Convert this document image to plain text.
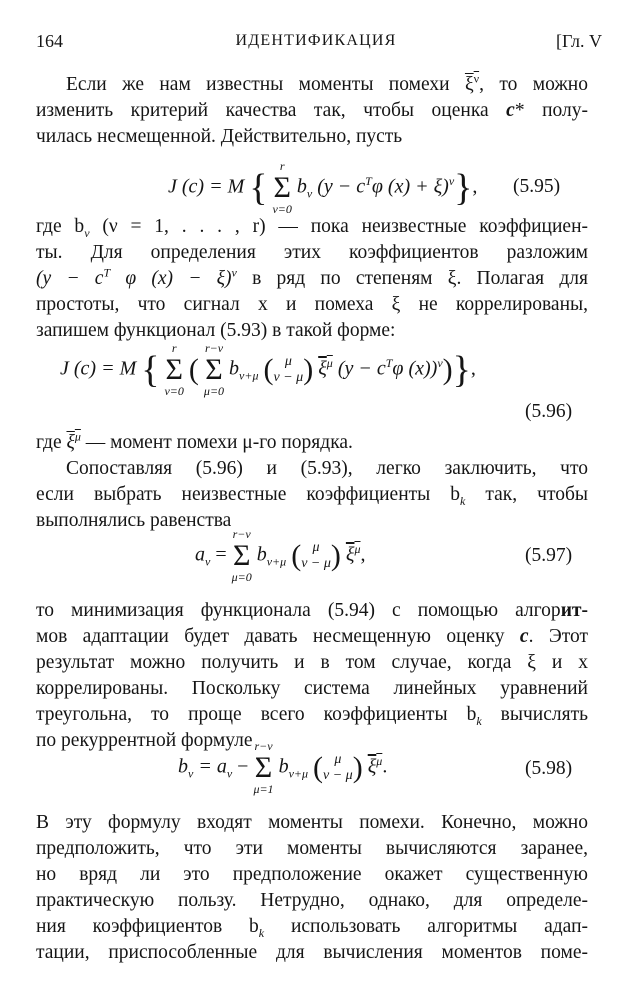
164	ИДЕНТИФИКАЦИЯ	[Гл. V
Если же нам известны моменты помехи $\overline{\xi}^{\overline{\nu}}$, то можно
изменить критерий качества так, чтобы оценка c* полу-
чилась несмещенной. Действительно, пусть
J (c) = M {
r
Σ
ν=0
$b_\nu$ ($y - c^T\varphi$ (x) + ξ)$^\nu$}, (5.95)
где $b_\nu$ (ν = 1, . . . , r) — пока неизвестные коэффициен-
ты. Для определения этих коэффициентов разложим
($y - c^T$ φ (x) − ξ)$^\nu$ в ряд по степеням ξ. Полагая для
простоты, что сигнал x и помеха ξ не коррелированы,
запишем функционал (5.93) в такой форме:
J (c) = M {
r
Σ
ν=0
(
r−ν
Σ
μ=0
$b_{\nu+\mu}$ ( μ
ν − μ ) $\overline{\xi}^{\overline{\mu}}$ ($y - c^T\varphi$ (x))$^\nu$)},
(5.96)
где $\overline{\xi}^{\overline{\mu}}$ — момент помехи μ-го порядка.
Сопоставляя (5.96) и (5.93), легко заключить, что
если выбрать неизвестные коэффициенты $b_k$ так, чтобы
выполнялись равенства
$a_\nu$ =
r−ν
Σ
μ=0
$b_{\nu+\mu}$ ( μ
ν − μ ) $\overline{\xi}^{\overline{\mu}}$,	(5.97)
то минимизация функционала (5.94) с помощью алгорит-
мов адаптации будет давать несмещенную оценку c. Этот
результат можно получить и в том случае, когда ξ и x
коррелированы. Поскольку система линейных уравнений
треугольна, то проще всего коэффициенты $b_k$ вычислять
по рекуррентной формуле
$b_\nu = a_\nu$ −
r−ν
Σ
μ=1
$b_{\nu+\mu}$ ( μ
ν − μ ) $\overline{\xi}^{\overline{\mu}}$.	(5.98)
В эту формулу входят моменты помехи. Конечно, можно
предположить, что эти моменты вычисляются заранее,
но вряд ли это предположение окажет существенную
практическую пользу. Нетрудно, однако, для определе-
ния коэффициентов $b_k$ использовать алгоритмы адап-
тации, приспособленные для вычисления моментов поме-
